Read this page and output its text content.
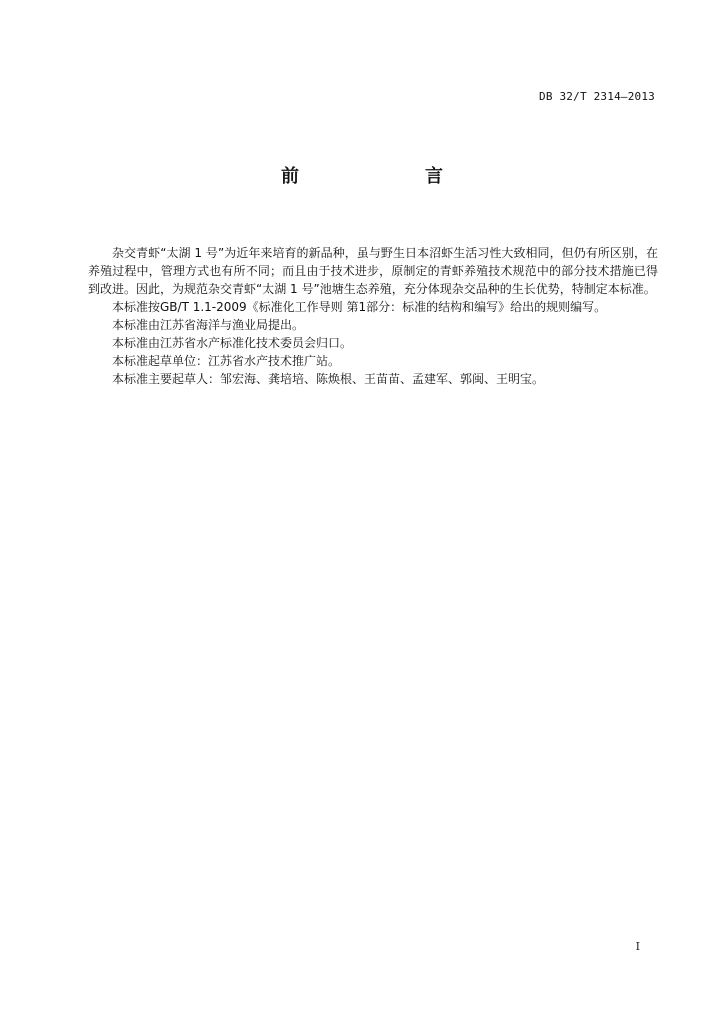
DB 32/T 2314—2013
前　　言

杂交青虾“太湖 1 号”为近年来培育的新品种，虽与野生日本沼虾生活习性大致相同，但仍有所区别，在养殖过程中，管理方式也有所不同；而且由于技术进步，原制定的青虾养殖技术规范中的部分技术措施已得到改进。因此，为规范杂交青虾“太湖 1 号”池塘生态养殖，充分体现杂交品种的生长优势，特制定本标准。

本标准按GB/T 1.1-2009《标准化工作导则 第1部分：标准的结构和编写》给出的规则编写。

本标准由江苏省海洋与渔业局提出。

本标准由江苏省水产标准化技术委员会归口。

本标准起草单位：江苏省水产技术推广站。

本标准主要起草人：邹宏海、龚培培、陈焕根、王苗苗、孟建军、郭闽、王明宝。

I
